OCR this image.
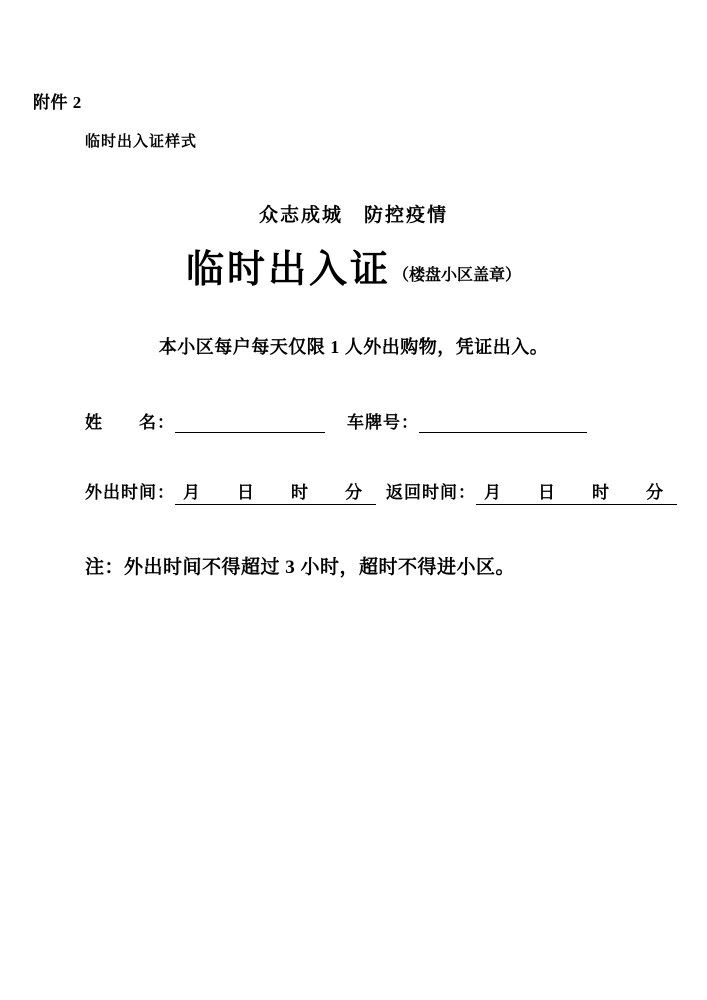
附件 2
临时出入证样式
众志成城　防控疫情
临时出入证 （楼盘小区盖章）
本小区每户每天仅限 1 人外出购物，凭证出入。
姓　　名：	车牌号：
外出时间： 月　日　时　分 返回时间： 月　日　时　分
注：外出时间不得超过 3 小时，超时不得进小区。
